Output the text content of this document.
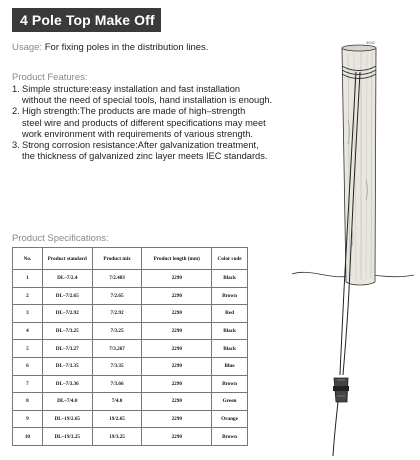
4 Pole Top Make Off
Usage: For fixing poles in the distribution lines.
Product Features:
1. Simple structure:easy installation and fast installation
without the need of special tools, hand installation is enough.
2. High strength:The products are made of high–strength
steel wire and products of different specifications may meet
work environment with requirements of various strength.
3. Strong corrosion resistance:After galvanization treatment,
the thickness of galvanized zinc layer meets IEC standards.
Product Specifications:
No.	Product standard	Product mix	Product length (mm)	Color code
1	DL–7/2.4	7/2.403	2290	Black
2	DL–7/2.65	7/2.65	2290	Brown
3	DL–7/2.92	7/2.92	2290	Red
4	DL–7/3.25	7/3.25	2290	Black
5	DL–7/3.27	7/3.267	2290	Black
6	DL–7/3.35	7/3.35	2290	Blue
7	DL–7/3.36	7/3.66	2290	Brown
8	DL–7/4.0	7/4.0	2290	Green
9	DL–19/2.65	19/2.65	2290	Orange
10	DL–19/3.25	19/3.25	2290	Brown
Φ240
